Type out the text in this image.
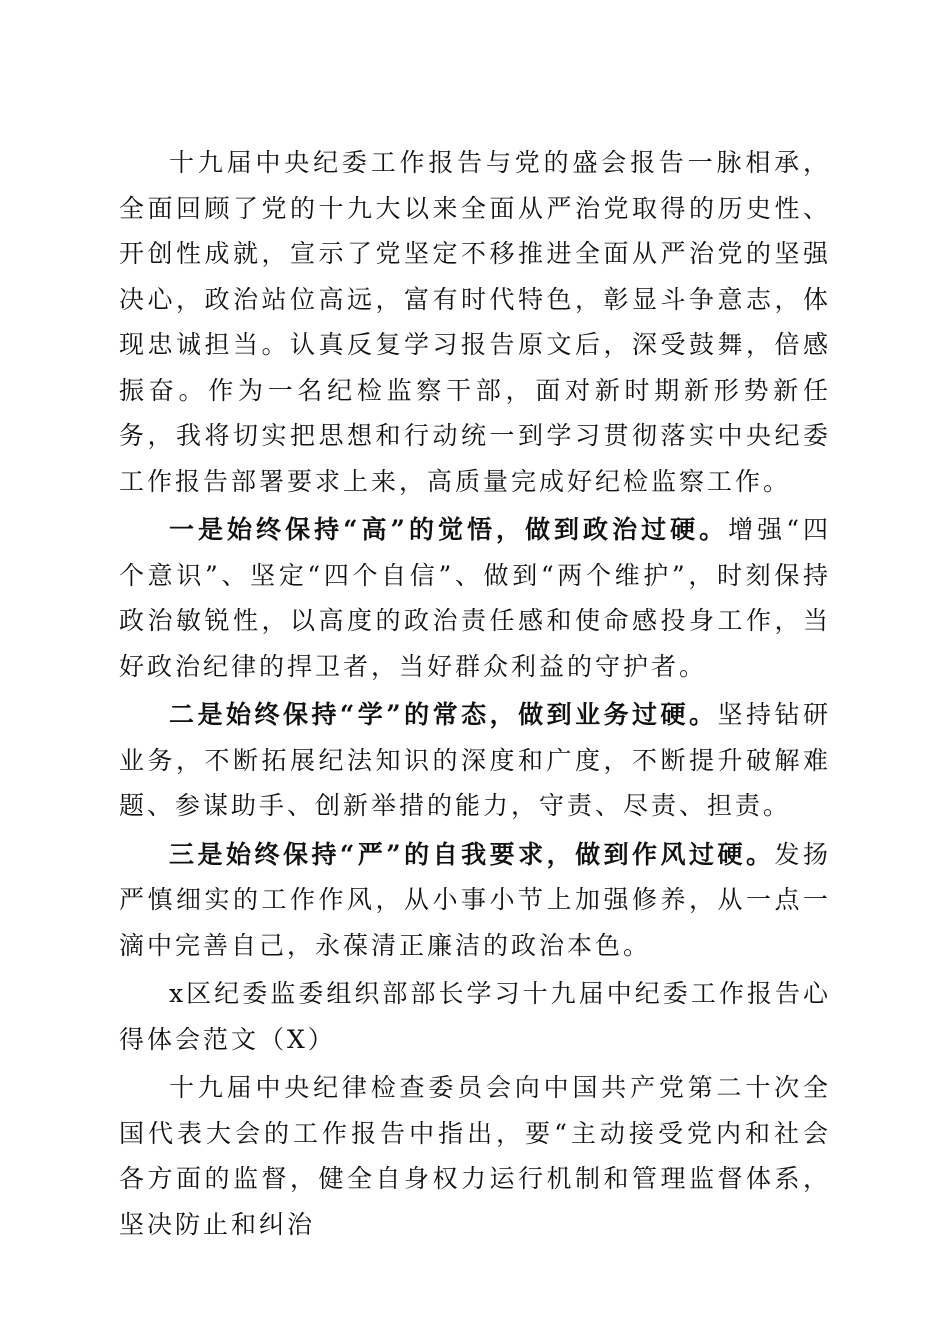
十九届中央纪委工作报告与党的盛会报告一脉相承，全面回顾了党的十九大以来全面从严治党取得的历史性、开创性成就，宣示了党坚定不移推进全面从严治党的坚强决心，政治站位高远，富有时代特色，彰显斗争意志，体现忠诚担当。认真反复学习报告原文后，深受鼓舞，倍感振奋。作为一名纪检监察干部，面对新时期新形势新任务，我将切实把思想和行动统一到学习贯彻落实中央纪委工作报告部署要求上来，高质量完成好纪检监察工作。

一是始终保持“高”的觉悟，做到政治过硬。增强“四个意识”、坚定“四个自信”、做到“两个维护”，时刻保持政治敏锐性，以高度的政治责任感和使命感投身工作，当好政治纪律的捍卫者，当好群众利益的守护者。

二是始终保持“学”的常态，做到业务过硬。坚持钻研业务，不断拓展纪法知识的深度和广度，不断提升破解难题、参谋助手、创新举措的能力，守责、尽责、担责。

三是始终保持“严”的自我要求，做到作风过硬。发扬严慎细实的工作作风，从小事小节上加强修养，从一点一滴中完善自己，永葆清正廉洁的政治本色。

x区纪委监委组织部部长学习十九届中纪委工作报告心得体会范文（X）

十九届中央纪律检查委员会向中国共产党第二十次全国代表大会的工作报告中指出，要“主动接受党内和社会各方面的监督，健全自身权力运行机制和管理监督体系，坚决防止和纠治
